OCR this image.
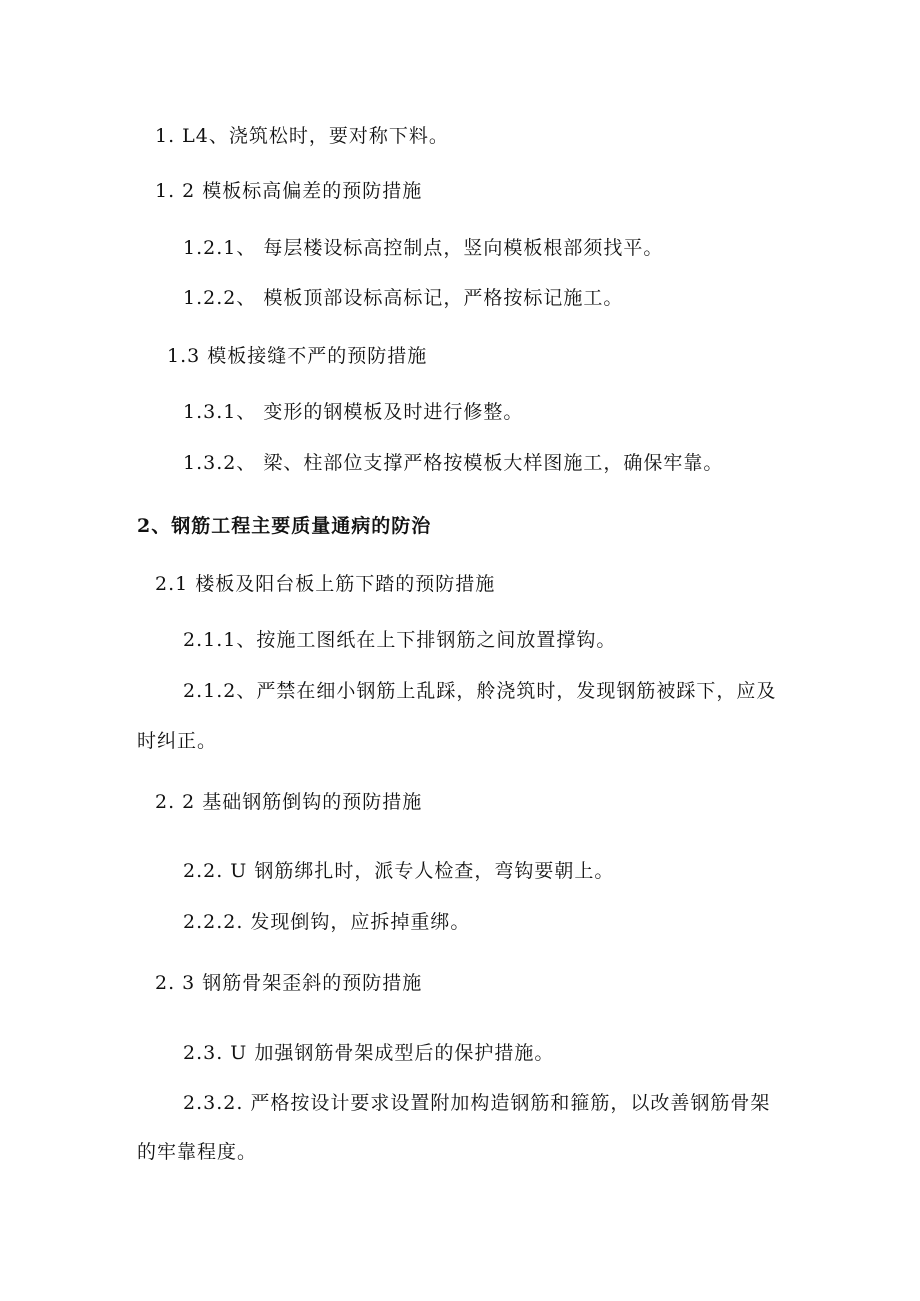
1. L4、浇筑松时，要对称下料。
1. 2 模板标高偏差的预防措施
1.2.1、 每层楼设标高控制点，竖向模板根部须找平。
1.2.2、 模板顶部设标高标记，严格按标记施工。
1.3 模板接缝不严的预防措施
1.3.1、 变形的钢模板及时进行修整。
1.3.2、 梁、柱部位支撑严格按模板大样图施工，确保牢靠。
2、钢筋工程主要质量通病的防治
2.1 楼板及阳台板上筋下踏的预防措施
2.1.1、按施工图纸在上下排钢筋之间放置撑钩。
2.1.2、严禁在细小钢筋上乱踩，舲浇筑时，发现钢筋被踩下，应及
时纠正。
2. 2 基础钢筋倒钩的预防措施
2.2. U 钢筋绑扎时，派专人检查，弯钩要朝上。
2.2.2. 发现倒钩，应拆掉重绑。
2. 3 钢筋骨架歪斜的预防措施
2.3. U 加强钢筋骨架成型后的保护措施。
2.3.2. 严格按设计要求设置附加构造钢筋和箍筋，以改善钢筋骨架
的牢靠程度。
